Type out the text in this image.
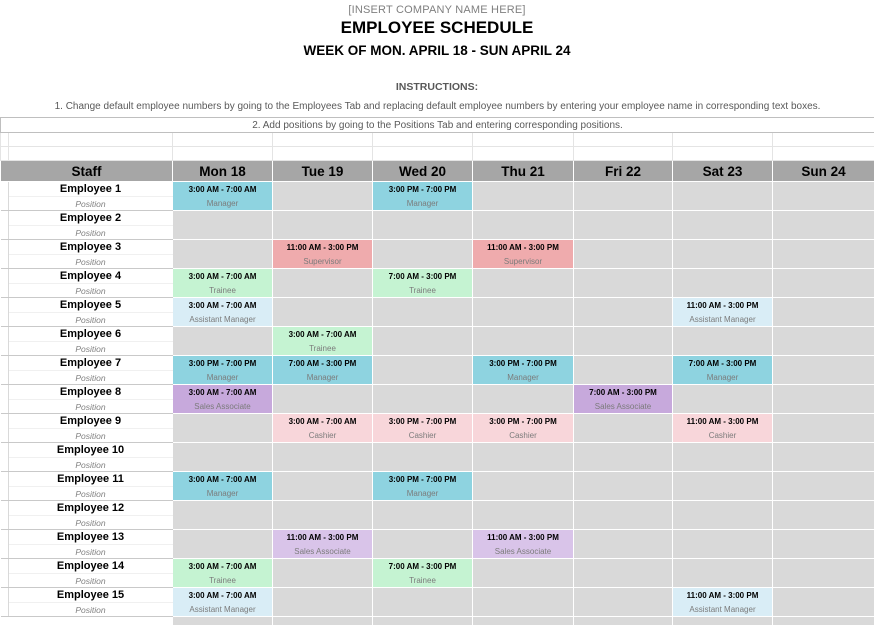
[INSERT COMPANY NAME HERE]
EMPLOYEE SCHEDULE
WEEK OF MON. APRIL 18 - SUN APRIL 24
INSTRUCTIONS:
1. Change default employee numbers by going to the Employees Tab and replacing default employee numbers by entering your employee name in corresponding text boxes.								
2. Add positions by going to the Positions Tab and entering corresponding positions.								

Staff		Mon 18	Tue 19	Wed 20	Thu 21	Fri 22	Sat 23	Sun 24
	Employee 1	3:00 AM - 7:00 AM		3:00 PM - 7:00 PM				
	Position	Manager		Manager				
	Employee 2							
	Position							
	Employee 3		11:00 AM - 3:00 PM		11:00 AM - 3:00 PM			
	Position		Supervisor		Supervisor			
	Employee 4	3:00 AM - 7:00 AM		7:00 AM - 3:00 PM				
	Position	Trainee		Trainee				
	Employee 5	3:00 AM - 7:00 AM					11:00 AM - 3:00 PM	
	Position	Assistant Manager					Assistant Manager	
	Employee 6		3:00 AM - 7:00 AM					
	Position		Trainee					
	Employee 7	3:00 PM - 7:00 PM	7:00 AM - 3:00 PM		3:00 PM - 7:00 PM		7:00 AM - 3:00 PM	
	Position	Manager	Manager		Manager		Manager	
	Employee 8	3:00 AM - 7:00 AM				7:00 AM - 3:00 PM		
	Position	Sales Associate				Sales Associate		
	Employee 9		3:00 AM - 7:00 AM	3:00 PM - 7:00 PM	3:00 PM - 7:00 PM		11:00 AM - 3:00 PM	
	Position		Cashier	Cashier	Cashier		Cashier	
	Employee 10							
	Position							
	Employee 11	3:00 AM - 7:00 AM		3:00 PM - 7:00 PM				
	Position	Manager		Manager				
	Employee 12							
	Position							
	Employee 13		11:00 AM - 3:00 PM		11:00 AM - 3:00 PM			
	Position		Sales Associate		Sales Associate			
	Employee 14	3:00 AM - 7:00 AM		7:00 AM - 3:00 PM				
	Position	Trainee		Trainee				
	Employee 15	3:00 AM - 7:00 AM					11:00 AM - 3:00 PM	
	Position	Assistant Manager					Assistant Manager	
